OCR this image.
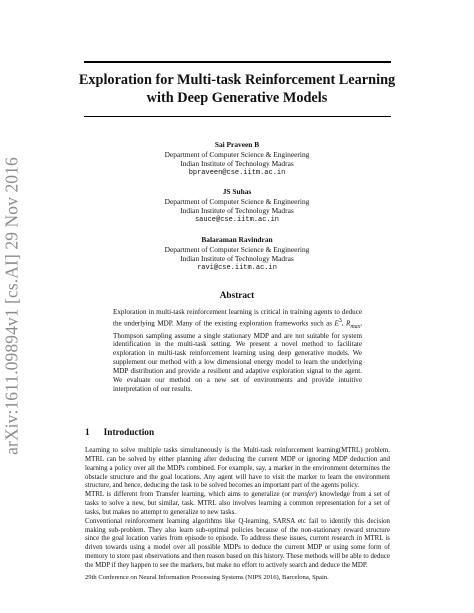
arXiv:1611.09894v1 [cs.AI] 29 Nov 2016
Exploration for Multi-task Reinforcement Learning
with Deep Generative Models
Sai Praveen B
Department of Computer Science & Engineering
Indian Institute of Technology Madras
bpraveen@cse.iitm.ac.in
JS Suhas
Department of Computer Science & Engineering
Indian Institute of Technology Madras
sauce@cse.iitm.ac.in
Balaraman Ravindran
Department of Computer Science & Engineering
Indian Institute of Technology Madras
ravi@cse.iitm.ac.in
Abstract
Exploration in multi-task reinforcement learning is critical in training agents to deduce the underlying MDP. Many of the existing exploration frameworks such as $E^3$, $R_{max}$, Thompson sampling assume a single stationary MDP and are not suitable for system identification in the multi-task setting. We present a novel method to facilitate exploration in multi-task reinforcement learning using deep generative models. We supplement our method with a low dimensional energy model to learn the underlying MDP distribution and provide a resilient and adaptive exploration signal to the agent. We evaluate our method on a new set of environments and provide intuitive interpretation of our results.
1 Introduction

Learning to solve multiple tasks simultaneously is the Multi-task reinforcement learning(MTRL) problem. MTRL can be solved by either planning after deducing the current MDP or ignoring MDP deduction and learning a policy over all the MDPs combined. For example, say, a marker in the environment determines the obstacle structure and the goal locations. Any agent will have to visit the marker to learn the environment structure, and hence, deducing the task to be solved becomes an important part of the agents policy.

MTRL is different from Transfer learning, which aims to generalize (or transfer) knowledge from a set of tasks to solve a new, but similar, task. MTRL also involves learning a common representation for a set of tasks, but makes no attempt to generalize to new tasks.

Conventional reinforcement learning algorithms like Q-learning, SARSA etc fail to identify this decision making sub-problem. They also learn sub-optimal policies because of the non-stationary reward structure since the goal location varies from episode to episode. To address these issues, current research in MTRL is driven towards using a model over all possible MDPs to deduce the current MDP or using some form of memory to store past observations and then reason based on this history. These methods will be able to deduce the MDP if they happen to see the markers, but make no effort to actively search and deduce the MDP.

29th Conference on Neural Information Processing Systems (NIPS 2016), Barcelona, Spain.
